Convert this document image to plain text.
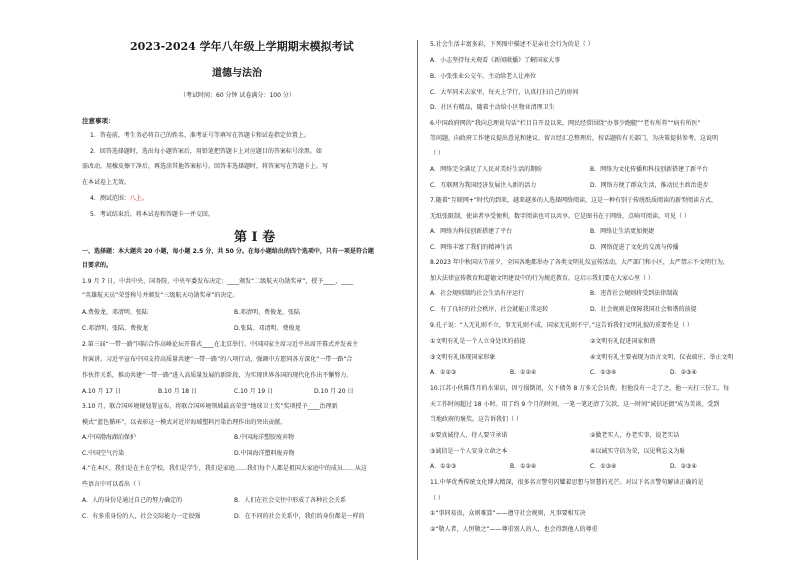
2023-2024 学年八年级上学期期末模拟考试
道德与法治
（考试时间：60 分钟 试卷满分：100 分）
注意事项：
1．答卷前，考生务必将自己的姓名、准考证号等填写在答题卡和试卷指定位置上。
2．回答选择题时，选出每小题答案后，用铅笔把答题卡上对应题目的答案标号涂黑。如
需改动，用橡皮擦干净后，再选涂其他答案标号。回答非选择题时，将答案写在答题卡上。写
在本试卷上无效。
4．测试范围：八上。
5．考试结束后，将本试卷和答题卡一并交回。
第 I 卷
一、选择题：本大题共 20 小题，每小题 2.5 分，共 50 分。在每小题给出的四个选项中，只有一项是符合题
目要求的。
1.9 月 7 日，中共中央、国务院、中央军委发布决定：____颁发“二级航天功勋奖章”，授予____、____
“英雄航天员”荣誉称号并颁发“三级航天功勋奖章”的决定。
A.费俊龙、邓清明、张陆	B.邓清明、费俊龙、张陆
C.邓清明、张陆、费俊龙	D.张陆、邓清明、费俊龙
2.第三届“一带一路”国际合作高峰论坛开幕式____在北京举行。中国国家主席习近平出席开幕式并发表主
旨演讲。习近平宣布中国支持高质量共建“一带一路”的八项行动，强调中方愿同各方深化“一带一路”合
作伙伴关系，推动共建“一带一路”进入高质量发展的新阶段，为实现世界各国的现代化作出不懈努力。
A.10 月 17 日	B.10 月 18 日	C.10 月 19 日	D.10 月 20 日
3.10 月，联合国环境规划署宣布，将联合国环境领域最高荣誉“地球卫士奖”奖项授予____治理新
模式“蓝色循环”，以表彰这一模式对近岸海域塑料污染治理作出的突出贡献。
A.中国渤海湖泊保护	B.中国海洋塑胶废弃物
C.中国空气污染	D.中国海洋塑料废弃物
4.“在本区，我们是在主在学校，我们是学生，我们是家庭……我们每个人都是祖国大家庭中的成员……从这
些语言中可以看出（ ）
A．人的身份是通过自己的努力确定的	B．人们在社会交往中形成了各种社会关系
C．有多重身份的人，社会交际能力一定很强	D．在不同的社会关系中，我们的身份都是一样的
5.社会生活丰富多彩，下列图中描述不是亲社会行为的是（ ）
A．小志坚持每天观看《新闻联播》了解国家大事
B．小张张业公交车，主动给老人让座位
C．大军同末去家里，每天上学行，认真打扫自己的房间
D．社区有精品，随着主动给小区物业清理卫生
6.中国政府网的“我向总理说句话”栏目自开设以来，网民经常围绕“办事少跑腿”“老有所养”“病有所医”
等问题，向政府工作建议提出意见和建议。留言经汇总整理后，按话题转有关部门，为决策提供参考。这说明
（ ）
A．网络完全满足了人民对美好生活的期盼	B．网络为文化传播和科技创新搭建了新平台
C．互联网为我国经济发展注入新的活力	D．网络方便了群众生活，推动民主政治进步
7.随着“互联网+”时代的到来，越来越多的人选择网络阅读，这是一种有别于传统纸质阅读的新型阅读方式，
无纸张限制，使读者享受便利，数字阅读也可以共享。它是图书在于网络，点响可阅读。可见（ ）
A．网络为科技创新搭建了平台	B．网络让生活更加便捷
C．网络丰富了我们的精神生活	D．网络促进了文化的交流与传播
8.2023 年中秋国庆节前夕，全国各地都举办了各类文明礼仪宣传活动，大严部门和小区，太严禁示不文明行为，
加大法律宣传教育和道德文明建设中的行为规范教育。这启示我们要在大家心里（ ）
A．社会规则制约社会生活有序运行	B．违背社会规则将受到法律制裁
C．有了良好的社会秩序，社会就能正常运转	D．社会规则是保障我国社会和谐的前提
9.孔子说：“人无礼则不立，事无礼则不成，国家无礼则不宁。”这告诉我们文明礼貌的重要性是（ ）
①文明有礼是一个人立身处世的前提	②文明有礼促进国家和谐
③文明有礼体现国家形象	④文明有礼主要表现为语言文明、仪表端庄、举止文明
A．①②③	B．①②④	C．①③④	D．②③④
10.江苏小伙陈伟月的水果店，因亏损倒闭，欠下债务 8 万多元会员费。但他没有一走了之，他一天打三份工，每
天工作时间超过 18 小时。用了约 9 个月的时间，一笔一笔还清了欠款，这一时间“诚信还债”成为美谈，受到
当地政府的褒奖。这告诉我们（ ）
①要真诚待人，待人要守承诺	②做老实人，办老实事，说老实话
③诚信是一个人安身立命之本	④以诚实守信为荣，以见利忘义为耻
A．①②③	B．①②④	C．①③④	D．②③④
11.中华优秀传统文化博大精深，很多名言警句闪耀着思想与智慧的光芒。对以下名言警句解读正确的是
（ ）
①“事同易贵，众则难算”——遵守社会规则，凡事要相互决
②“敬人者，人恒敬之”——尊重别人的人，也会得到他人的尊重
